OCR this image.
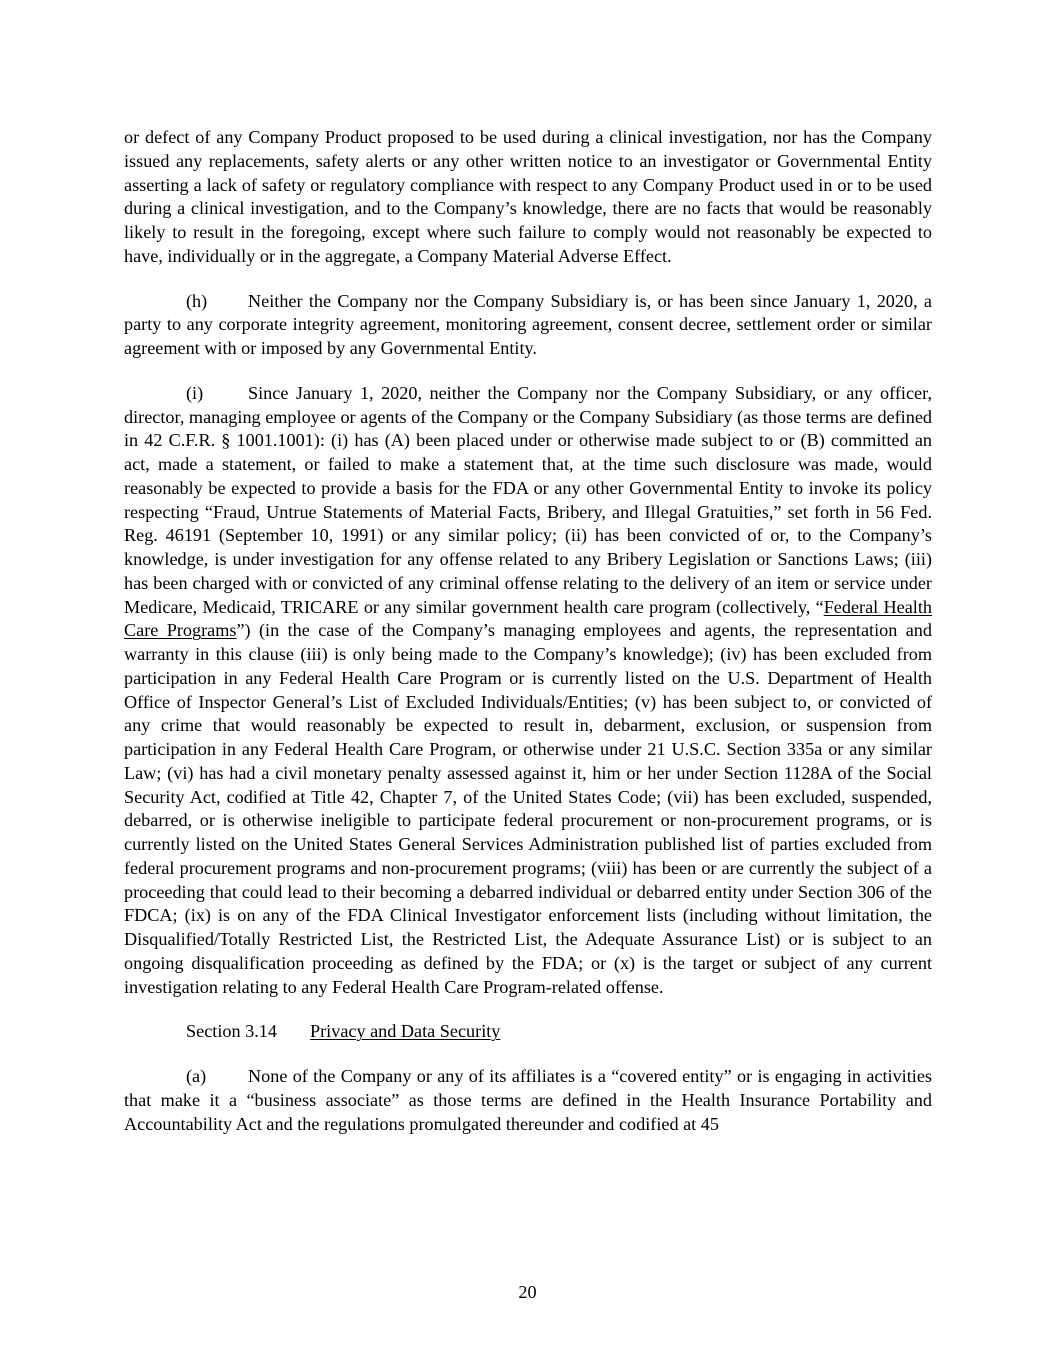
or defect of any Company Product proposed to be used during a clinical investigation, nor has the Company issued any replacements, safety alerts or any other written notice to an investigator or Governmental Entity asserting a lack of safety or regulatory compliance with respect to any Company Product used in or to be used during a clinical investigation, and to the Company’s knowledge, there are no facts that would be reasonably likely to result in the foregoing, except where such failure to comply would not reasonably be expected to have, individually or in the aggregate, a Company Material Adverse Effect.

(h) Neither the Company nor the Company Subsidiary is, or has been since January 1, 2020, a party to any corporate integrity agreement, monitoring agreement, consent decree, settlement order or similar agreement with or imposed by any Governmental Entity.

(i) Since January 1, 2020, neither the Company nor the Company Subsidiary, or any officer, director, managing employee or agents of the Company or the Company Subsidiary (as those terms are defined in 42 C.F.R. § 1001.1001): (i) has (A) been placed under or otherwise made subject to or (B) committed an act, made a statement, or failed to make a statement that, at the time such disclosure was made, would reasonably be expected to provide a basis for the FDA or any other Governmental Entity to invoke its policy respecting “Fraud, Untrue Statements of Material Facts, Bribery, and Illegal Gratuities,” set forth in 56 Fed. Reg. 46191 (September 10, 1991) or any similar policy; (ii) has been convicted of or, to the Company’s knowledge, is under investigation for any offense related to any Bribery Legislation or Sanctions Laws; (iii) has been charged with or convicted of any criminal offense relating to the delivery of an item or service under Medicare, Medicaid, TRICARE or any similar government health care program (collectively, “Federal Health Care Programs”) (in the case of the Company’s managing employees and agents, the representation and warranty in this clause (iii) is only being made to the Company’s knowledge); (iv) has been excluded from participation in any Federal Health Care Program or is currently listed on the U.S. Department of Health Office of Inspector General’s List of Excluded Individuals/Entities; (v) has been subject to, or convicted of any crime that would reasonably be expected to result in, debarment, exclusion, or suspension from participation in any Federal Health Care Program, or otherwise under 21 U.S.C. Section 335a or any similar Law; (vi) has had a civil monetary penalty assessed against it, him or her under Section 1128A of the Social Security Act, codified at Title 42, Chapter 7, of the United States Code; (vii) has been excluded, suspended, debarred, or is otherwise ineligible to participate federal procurement or non-procurement programs, or is currently listed on the United States General Services Administration published list of parties excluded from federal procurement programs and non-procurement programs; (viii) has been or are currently the subject of a proceeding that could lead to their becoming a debarred individual or debarred entity under Section 306 of the FDCA; (ix) is on any of the FDA Clinical Investigator enforcement lists (including without limitation, the Disqualified/Totally Restricted List, the Restricted List, the Adequate Assurance List) or is subject to an ongoing disqualification proceeding as defined by the FDA; or (x) is the target or subject of any current investigation relating to any Federal Health Care Program-related offense.

Section 3.14 Privacy and Data Security

(a) None of the Company or any of its affiliates is a “covered entity” or is engaging in activities that make it a “business associate” as those terms are defined in the Health Insurance Portability and Accountability Act and the regulations promulgated thereunder and codified at 45

20
